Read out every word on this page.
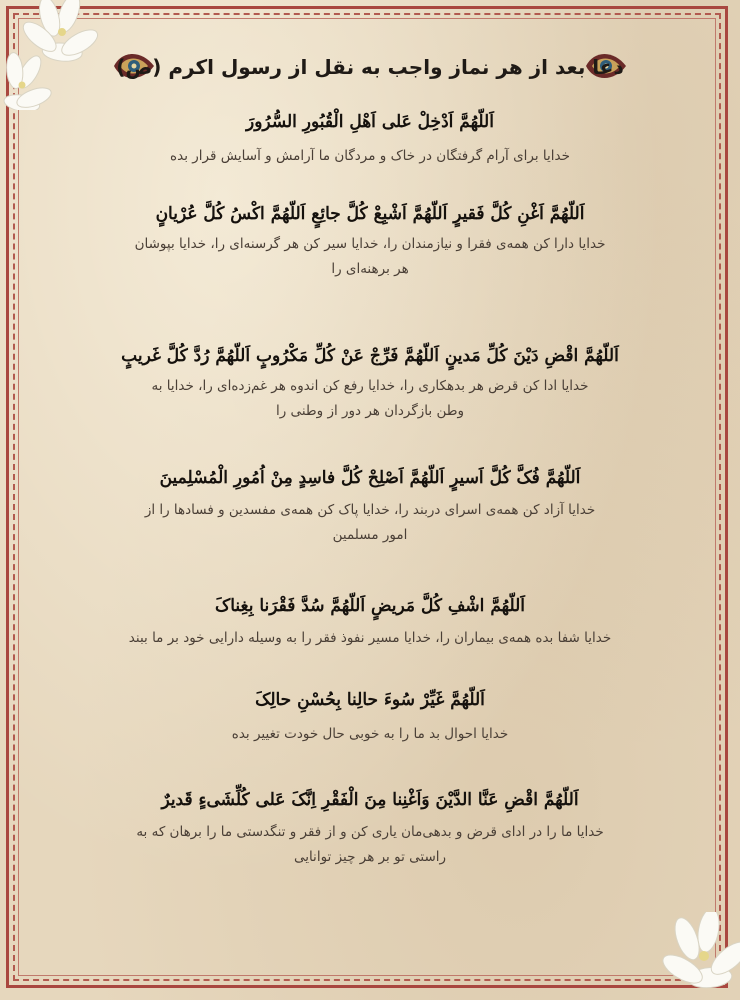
دعا بعد از هر نماز واجب به نقل از رسول اکرم (ص)
اَللّهُمَّ اَدْخِلْ عَلی اَهْلِ الْقُبُورِ السُّرُورَ
خدایا برای آرام گرفتگان در خاک و مردگان ما آرامش و آسایش قرار بده
اَللّهُمَّ اَغْنِ کُلَّ فَقیرٍ اَللّهُمَّ اَشْبِعْ کُلَّ جائِعٍ اَللّهُمَّ اکْسُ کُلَّ عُرْیانٍ
خدایا دارا کن همه‌ی فقرا و نیازمندان را، خدایا سیر کن هر گرسنه‌ای را، خدایا بپوشان
هر برهنه‌ای را
اَللّهُمَّ اقْضِ دَیْنَ کُلِّ مَدینٍ اَللّهُمَّ فَرِّجْ عَنْ کُلِّ مَکْرُوبٍ اَللّهُمَّ رُدَّ کُلَّ غَریبٍ
خدایا ادا کن قرض هر بدهکاری را، خدایا رفع کن اندوه هر غم‌زده‌ای را، خدایا به
وطن بازگردان هر دور از وطنی را
اَللّهُمَّ فُکَّ کُلَّ اَسیرٍ اَللّهُمَّ اَصْلِحْ کُلَّ فاسِدٍ مِنْ اُمُورِ الْمُسْلِمینَ
خدایا آزاد کن همه‌ی اسرای دربند را، خدایا پاک کن همه‌ی مفسدین و فسادها را از
امور مسلمین
اَللّهُمَّ اشْفِ کُلَّ مَریضٍ اَللّهُمَّ سُدَّ فَقْرَنا بِغِناکَ
خدایا شفا بده همه‌ی بیماران را، خدایا مسیر نفوذ فقر را به وسیله دارایی خود بر ما ببند
اَللّهُمَّ غَیِّرْ سُوءَ حالِنا بِحُسْنِ حالِکَ
خدایا احوال بد ما را به خوبی حال خودت تغییر بده
اَللّهُمَّ اقْضِ عَنَّا الدَّیْنَ وَاَغْنِنا مِنَ الْفَقْرِ اِنَّکَ عَلی کُلِّشَیءٍ قَدیرٌ
خدایا ما را در ادای قرض و بدهی‌مان یاری کن و از فقر و تنگدستی ما را برهان که به
راستی تو بر هر چیز توانایی
